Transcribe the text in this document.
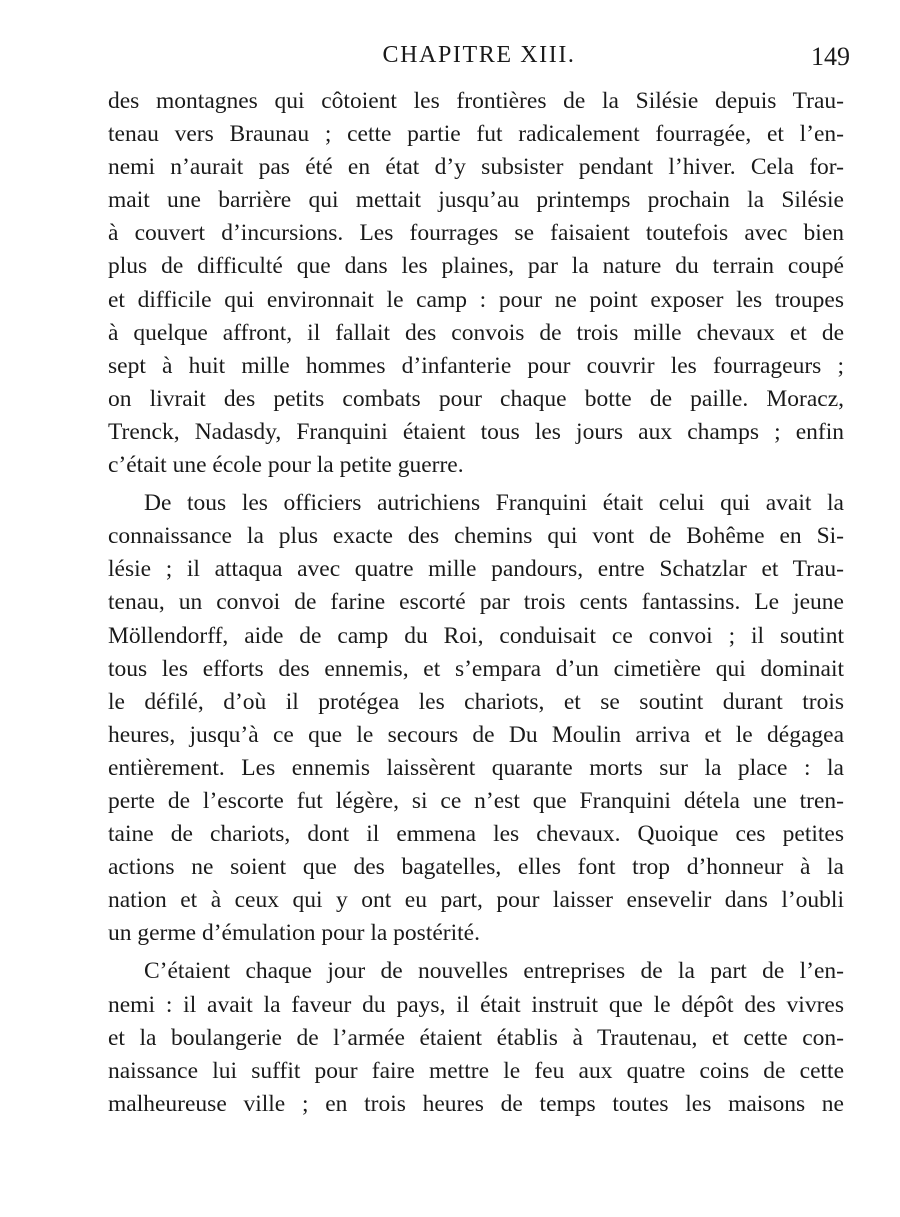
CHAPITRE XIII.	149

des montagnes qui côtoient les frontières de la Silésie depuis Trau-
tenau vers Braunau ; cette partie fut radicalement fourragée, et l’en-
nemi n’aurait pas été en état d’y subsister pendant l’hiver. Cela for-
mait une barrière qui mettait jusqu’au printemps prochain la Silésie
à couvert d’incursions. Les fourrages se faisaient toutefois avec bien
plus de difficulté que dans les plaines, par la nature du terrain coupé
et difficile qui environnait le camp : pour ne point exposer les troupes
à quelque affront, il fallait des convois de trois mille chevaux et de
sept à huit mille hommes d’infanterie pour couvrir les fourrageurs ;
on livrait des petits combats pour chaque botte de paille. Moracz,
Trenck, Nadasdy, Franquini étaient tous les jours aux champs ; enfin
c’était une école pour la petite guerre.

De tous les officiers autrichiens Franquini était celui qui avait la
connaissance la plus exacte des chemins qui vont de Bohême en Si-
lésie ; il attaqua avec quatre mille pandours, entre Schatzlar et Trau-
tenau, un convoi de farine escorté par trois cents fantassins. Le jeune
Möllendorff, aide de camp du Roi, conduisait ce convoi ; il soutint
tous les efforts des ennemis, et s’empara d’un cimetière qui dominait
le défilé, d’où il protégea les chariots, et se soutint durant trois
heures, jusqu’à ce que le secours de Du Moulin arriva et le dégagea
entièrement. Les ennemis laissèrent quarante morts sur la place : la
perte de l’escorte fut légère, si ce n’est que Franquini détela une tren-
taine de chariots, dont il emmena les chevaux. Quoique ces petites
actions ne soient que des bagatelles, elles font trop d’honneur à la
nation et à ceux qui y ont eu part, pour laisser ensevelir dans l’oubli
un germe d’émulation pour la postérité.

C’étaient chaque jour de nouvelles entreprises de la part de l’en-
nemi : il avait la faveur du pays, il était instruit que le dépôt des vivres
et la boulangerie de l’armée étaient établis à Trautenau, et cette con-
naissance lui suffit pour faire mettre le feu aux quatre coins de cette
malheureuse ville ; en trois heures de temps toutes les maisons ne
